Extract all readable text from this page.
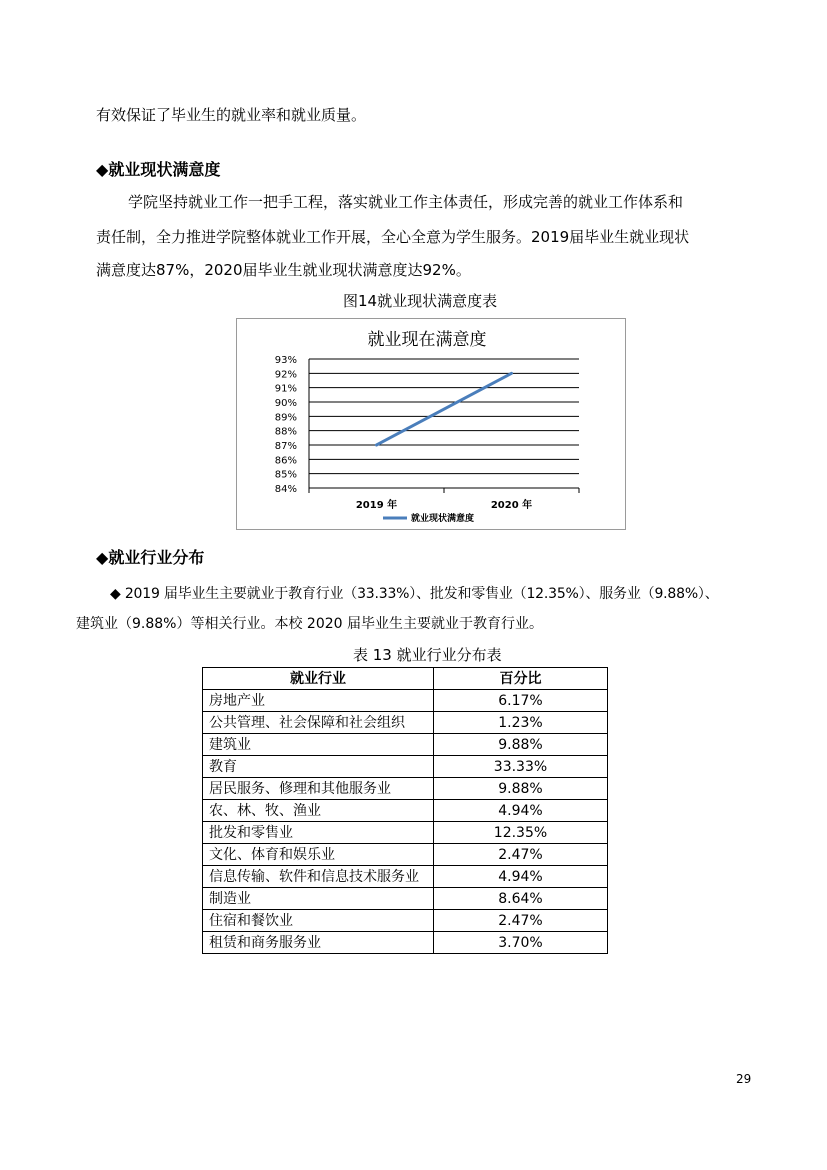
有效保证了毕业生的就业率和就业质量。
◆就业现状满意度
学院坚持就业工作一把手工程，落实就业工作主体责任，形成完善的就业工作体系和
责任制，全力推进学院整体就业工作开展，全心全意为学生服务。2019届毕业生就业现状
满意度达87%，2020届毕业生就业现状满意度达92%。
图14就业现状满意度表
就业现在满意度
84%
85%
86%
87%
88%
89%
90%
91%
92%
93%
2019 年	2020 年
就业现状满意度
◆就业行业分布
◆ 2019 届毕业生主要就业于教育行业（33.33%）、批发和零售业（12.35%）、服务业（9.88%）、
建筑业（9.88%）等相关行业。本校 2020 届毕业生主要就业于教育行业。
表 13 就业行业分布表
就业行业	百分比
房地产业	6.17%
公共管理、社会保障和社会组织	1.23%
建筑业	9.88%
教育	33.33%
居民服务、修理和其他服务业	9.88%
农、林、牧、渔业	4.94%
批发和零售业	12.35%
文化、体育和娱乐业	2.47%
信息传输、软件和信息技术服务业	4.94%
制造业	8.64%
住宿和餐饮业	2.47%
租赁和商务服务业	3.70%
29
